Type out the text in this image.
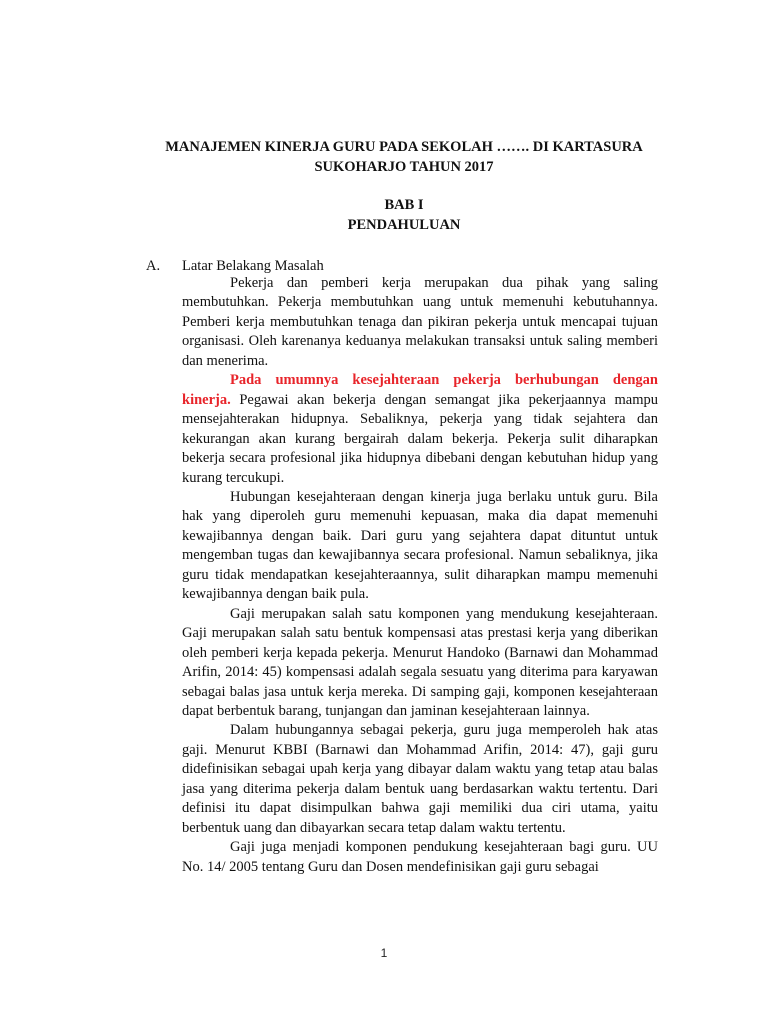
MANAJEMEN KINERJA GURU PADA SEKOLAH ……. DI KARTASURA
SUKOHARJO TAHUN 2017
BAB I
PENDAHULUAN
A. Latar Belakang Masalah

Pekerja dan pemberi kerja merupakan dua pihak yang saling membutuhkan. Pekerja membutuhkan uang untuk memenuhi kebutuhannya. Pemberi kerja membutuhkan tenaga dan pikiran pekerja untuk mencapai tujuan organisasi. Oleh karenanya keduanya melakukan transaksi untuk saling memberi dan menerima.

Pada umumnya kesejahteraan pekerja berhubungan dengan kinerja. Pegawai akan bekerja dengan semangat jika pekerjaannya mampu mensejahterakan hidupnya. Sebaliknya, pekerja yang tidak sejahtera dan kekurangan akan kurang bergairah dalam bekerja. Pekerja sulit diharapkan bekerja secara profesional jika hidupnya dibebani dengan kebutuhan hidup yang kurang tercukupi.

Hubungan kesejahteraan dengan kinerja juga berlaku untuk guru. Bila hak yang diperoleh guru memenuhi kepuasan, maka dia dapat memenuhi kewajibannya dengan baik. Dari guru yang sejahtera dapat dituntut untuk mengemban tugas dan kewajibannya secara profesional. Namun sebaliknya, jika guru tidak mendapatkan kesejahteraannya, sulit diharapkan mampu memenuhi kewajibannya dengan baik pula.

Gaji merupakan salah satu komponen yang mendukung kesejahteraan. Gaji merupakan salah satu bentuk kompensasi atas prestasi kerja yang diberikan oleh pemberi kerja kepada pekerja. Menurut Handoko (Barnawi dan Mohammad Arifin, 2014: 45) kompensasi adalah segala sesuatu yang diterima para karyawan sebagai balas jasa untuk kerja mereka. Di samping gaji, komponen kesejahteraan dapat berbentuk barang, tunjangan dan jaminan kesejahteraan lainnya.

Dalam hubungannya sebagai pekerja, guru juga memperoleh hak atas gaji. Menurut KBBI (Barnawi dan Mohammad Arifin, 2014: 47), gaji guru didefinisikan sebagai upah kerja yang dibayar dalam waktu yang tetap atau balas jasa yang diterima pekerja dalam bentuk uang berdasarkan waktu tertentu. Dari definisi itu dapat disimpulkan bahwa gaji memiliki dua ciri utama, yaitu berbentuk uang dan dibayarkan secara tetap dalam waktu tertentu.

Gaji juga menjadi komponen pendukung kesejahteraan bagi guru. UU No. 14/ 2005 tentang Guru dan Dosen mendefinisikan gaji guru sebagai

1
